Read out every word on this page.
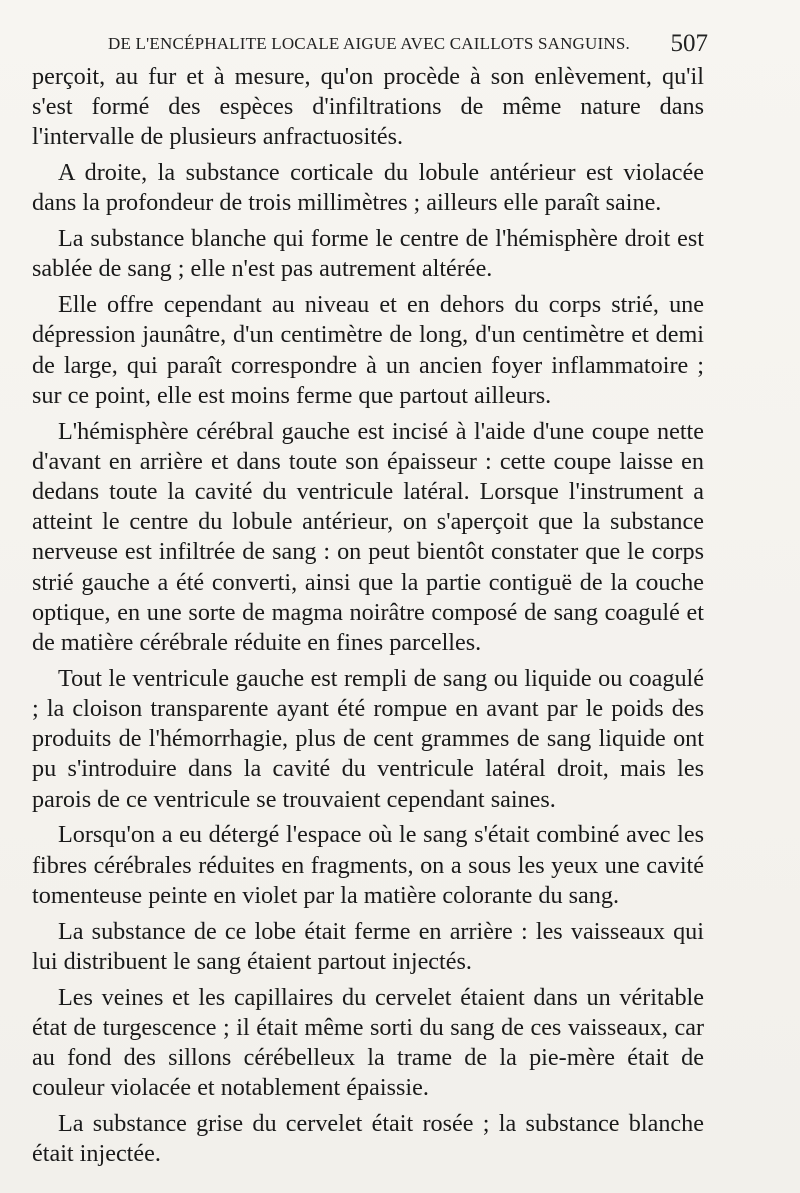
DE L'ENCÉPHALITE LOCALE AIGUE AVEC CAILLOTS SANGUINS.	507

perçoit, au fur et à mesure, qu'on procède à son enlèvement, qu'il s'est formé des espèces d'infiltrations de même nature dans l'intervalle de plusieurs anfractuosités.

A droite, la substance corticale du lobule antérieur est violacée dans la profondeur de trois millimètres ; ailleurs elle paraît saine.

La substance blanche qui forme le centre de l'hémisphère droit est sablée de sang ; elle n'est pas autrement altérée.

Elle offre cependant au niveau et en dehors du corps strié, une dépression jaunâtre, d'un centimètre de long, d'un centimètre et demi de large, qui paraît correspondre à un ancien foyer inflammatoire ; sur ce point, elle est moins ferme que partout ailleurs.

L'hémisphère cérébral gauche est incisé à l'aide d'une coupe nette d'avant en arrière et dans toute son épaisseur : cette coupe laisse en dedans toute la cavité du ventricule latéral. Lorsque l'instrument a atteint le centre du lobule antérieur, on s'aperçoit que la substance nerveuse est infiltrée de sang : on peut bientôt constater que le corps strié gauche a été converti, ainsi que la partie contiguë de la couche optique, en une sorte de magma noirâtre composé de sang coagulé et de matière cérébrale réduite en fines parcelles.

Tout le ventricule gauche est rempli de sang ou liquide ou coagulé ; la cloison transparente ayant été rompue en avant par le poids des produits de l'hémorrhagie, plus de cent grammes de sang liquide ont pu s'introduire dans la cavité du ventricule latéral droit, mais les parois de ce ventricule se trouvaient cependant saines.

Lorsqu'on a eu détergé l'espace où le sang s'était combiné avec les fibres cérébrales réduites en fragments, on a sous les yeux une cavité tomenteuse peinte en violet par la matière colorante du sang.

La substance de ce lobe était ferme en arrière : les vaisseaux qui lui distribuent le sang étaient partout injectés.

Les veines et les capillaires du cervelet étaient dans un véritable état de turgescence ; il était même sorti du sang de ces vaisseaux, car au fond des sillons cérébelleux la trame de la pie-mère était de couleur violacée et notablement épaissie.

La substance grise du cervelet était rosée ; la substance blanche était injectée.
